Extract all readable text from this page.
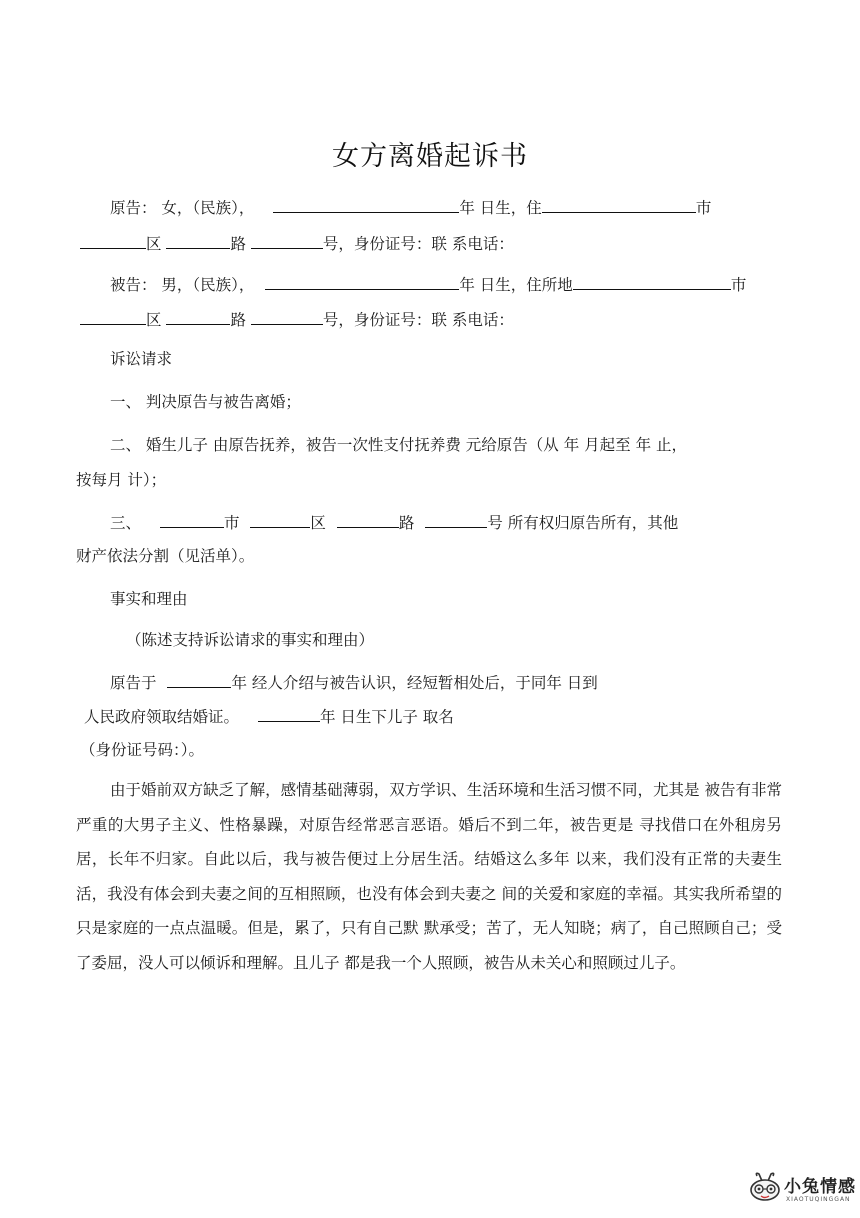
女方离婚起诉书
原告： 女，（民族），	年 日生，住	巿
区	路	号，身份证号：联 系电话：
被告： 男，（民族），	年 日生，住所地	巿
区	路	号，身份证号：联 系电话：
诉讼请求
一、 判决原告与被告离婚；
二、 婚生儿子 由原告抚养，被告一次性支付抚养费 元给原告（从 年 月起至 年 止，
按每月 计）；
三、	巿	区	路	号 所有权归原告所有，其他
财产依法分割（见活单）。
事实和理由
（陈述支持诉讼请求的事实和理由）
原告于	年 经人介绍与被告认识，经短暂相处后，于同年 日到
人民政府领取结婚证。	年 日生下儿子 取名
（身份证号码：）。
由于婚前双方缺乏了解，感情基础薄弱，双方学识、生活环境和生活习惯不同，尤其是 被告有非常严重的大男子主义、性格暴躁，对原告经常恶言恶语。婚后不到二年，被告更是 寻找借口在外租房另居，长年不归家。自此以后，我与被告便过上分居生活。结婚这么多年 以来，我们没有正常的夫妻生活，我没有体会到夫妻之间的互相照顾，也没有体会到夫妻之 间的关爱和家庭的幸福。其实我所希望的只是家庭的一点点温暖。但是，累了，只有自己默 默承受；苦了，无人知晓；病了，自己照顾自己；受了委屈，没人可以倾诉和理解。且儿子 都是我一个人照顾，被告从未关心和照顾过儿子。
小兔情感
XIAOTUQINGGAN
